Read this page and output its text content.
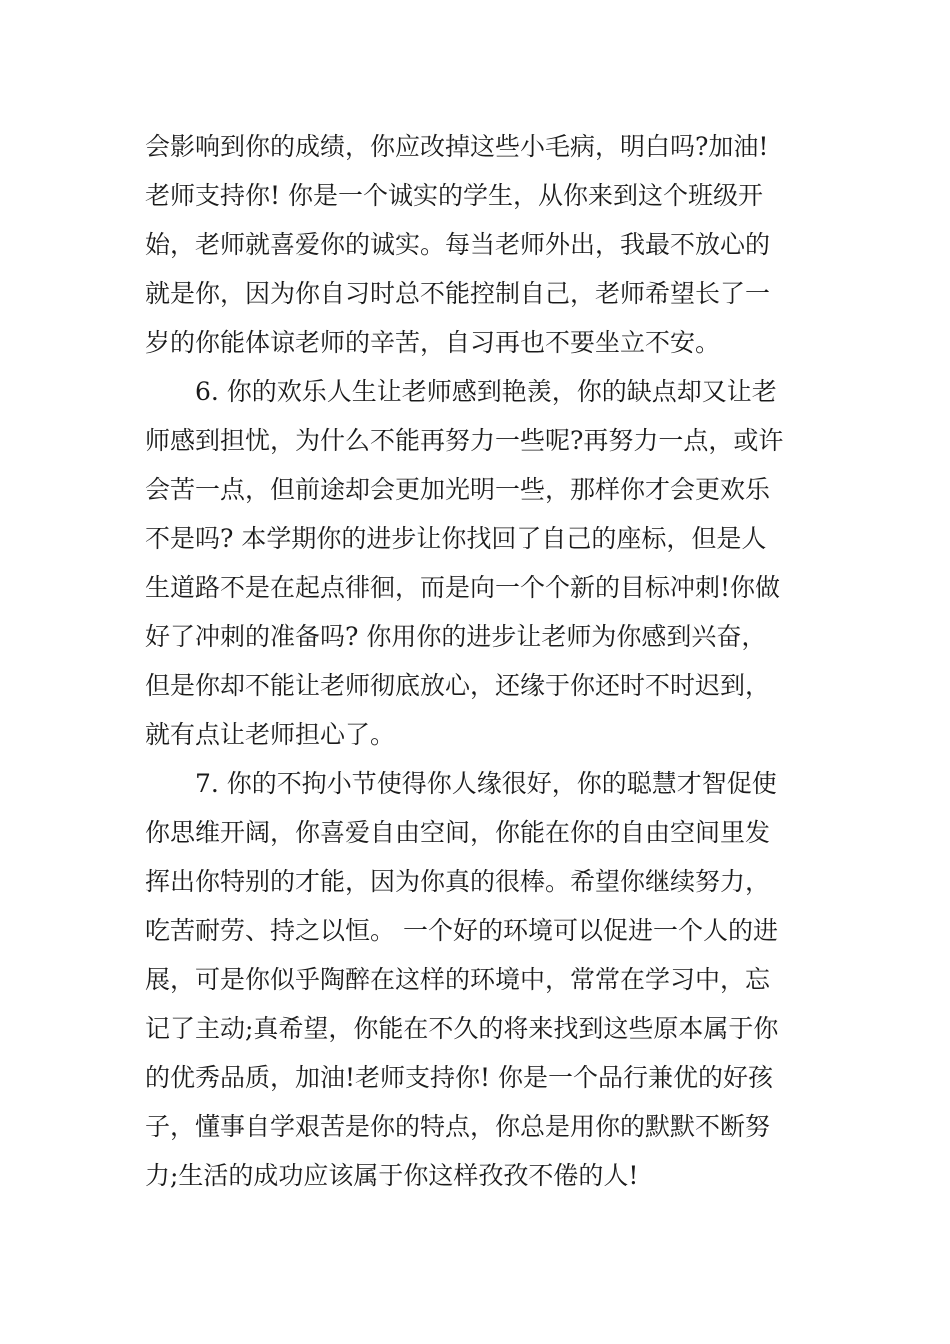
会影响到你的成绩，你应改掉这些小毛病，明白吗?加油!
老师支持你! 你是一个诚实的学生，从你来到这个班级开
始，老师就喜爱你的诚实。每当老师外出，我最不放心的
就是你，因为你自习时总不能控制自己，老师希望长了一
岁的你能体谅老师的辛苦，自习再也不要坐立不安。
6. 你的欢乐人生让老师感到艳羡，你的缺点却又让老
师感到担忧，为什么不能再努力一些呢?再努力一点，或许
会苦一点，但前途却会更加光明一些，那样你才会更欢乐
不是吗? 本学期你的进步让你找回了自己的座标，但是人
生道路不是在起点徘徊，而是向一个个新的目标冲刺!你做
好了冲刺的准备吗? 你用你的进步让老师为你感到兴奋，
但是你却不能让老师彻底放心，还缘于你还时不时迟到，
就有点让老师担心了。
7. 你的不拘小节使得你人缘很好，你的聪慧才智促使
你思维开阔，你喜爱自由空间，你能在你的自由空间里发
挥出你特别的才能，因为你真的很棒。希望你继续努力，
吃苦耐劳、持之以恒。 一个好的环境可以促进一个人的进
展，可是你似乎陶醉在这样的环境中，常常在学习中，忘
记了主动;真希望，你能在不久的将来找到这些原本属于你
的优秀品质，加油!老师支持你! 你是一个品行兼优的好孩
子，懂事自学艰苦是你的特点，你总是用你的默默不断努
力;生活的成功应该属于你这样孜孜不倦的人!
